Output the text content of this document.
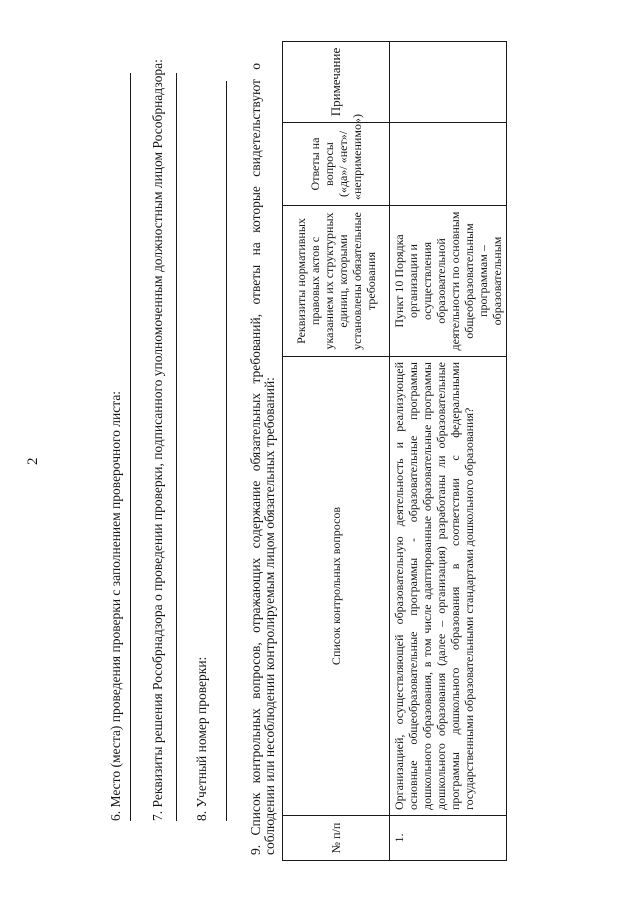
2	6. Место (места) проведения проверки с заполнением проверочного листа: 7. Реквизиты решения Рособрнадзора о проведении проверки, подписанного уполномоченным должностным лицом Рособрнадзора: 8. Учетный номер проверки:	9. Список контрольных вопросов, отражающих содержание обязательных требований, ответы на которые свидетельствуют о соблюдении или несоблюдении контролируемым лицом обязательных требований:	№ п/п	Список контрольных вопросов	Реквизиты нормативных правовых актов с указанием их структурных единиц, которыми установлены обязательные требования	Ответы на вопросы («да»/ «нет»/ «неприменимо»)	Примечание
1.	Организацией, осуществляющей образовательную деятельность и реализующей основные общеобразовательные программы - образовательные программы дошкольного образования, в том числе адаптированные образовательные программы дошкольного образования (далее – организация) разработаны ли образовательные программы дошкольного образования в соответствии с федеральными государственными образовательными стандартами дошкольного образования?	Пункт 10 Порядка организации и осуществления образовательной деятельности по основным общеобразовательным программам – образовательным		
